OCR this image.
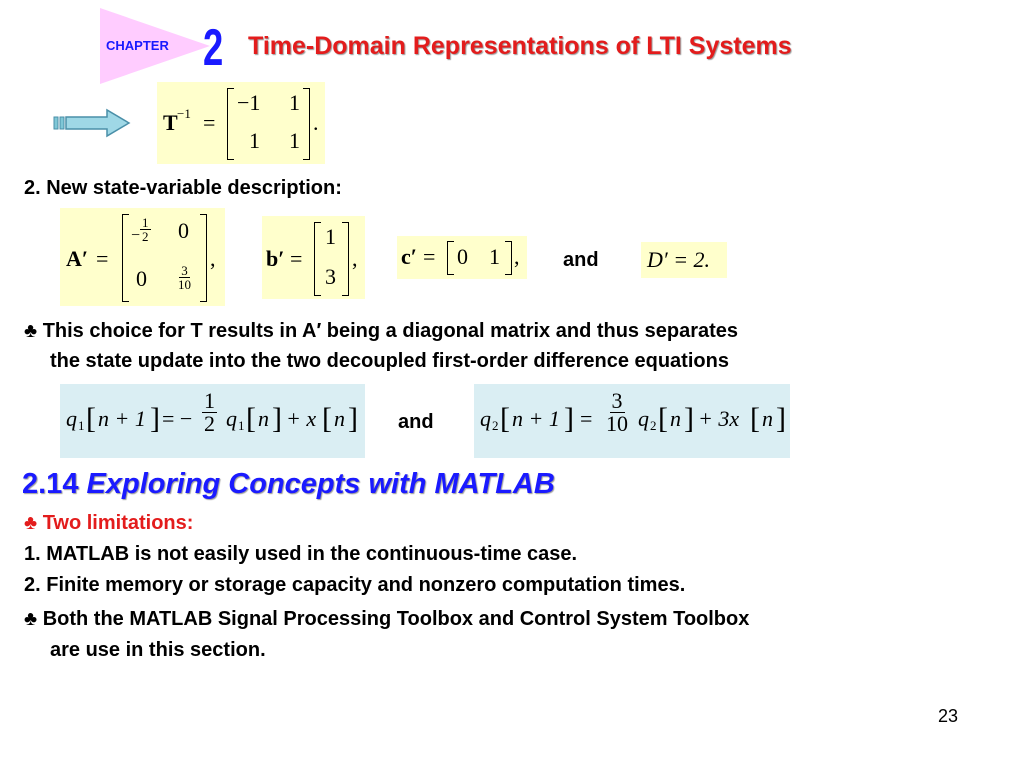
CHAPTER 2 Time-Domain Representations of LTI Systems
T −1 =
−1 1
1 1
.
2. New state-variable description:
A′ =
− $\frac{1}{2} 0$
$0 \frac{3}{10}$
, b′ =
1
3
, c′ = 0 1 , and D′ = 2.
♣ This choice for T results in A′ being a diagonal matrix and thus separates
the state update into the two decoupled first-order difference equations
q 1 [ n + 1 ] = − $\frac{1}{2}$ q 1 [ n ] + x [ n ] and q 2 [ n + 1 ] = $\frac{3}{10}$ q 2 [ n ] + 3x [ n ]
2.14 Exploring Concepts with MATLAB
♣ Two limitations:
1. MATLAB is not easily used in the continuous-time case.
2. Finite memory or storage capacity and nonzero computation times.
♣ Both the MATLAB Signal Processing Toolbox and Control System Toolbox
are use in this section.
23
